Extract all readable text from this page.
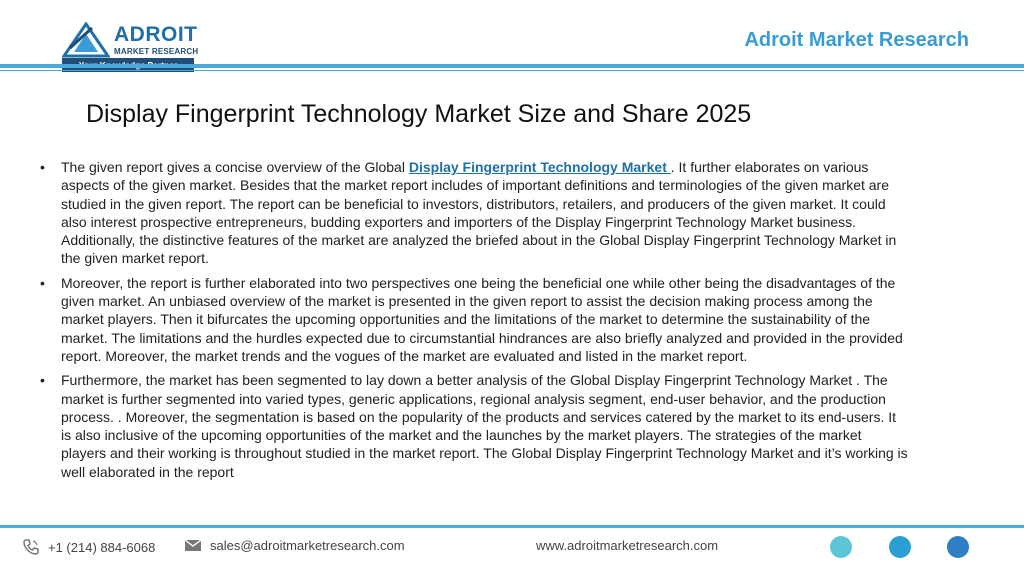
ADROIT
MARKET RESEARCH
Adroit Market Research
Display Fingerprint Technology Market Size and Share 2025

• The given report gives a concise overview of the Global Display Fingerprint Technology Market . It further elaborates on various aspects of the given market. Besides that the market report includes of important definitions and terminologies of the given market are studied in the given report. The report can be beneficial to investors, distributors, retailers, and producers of the given market. It could also interest prospective entrepreneurs, budding exporters and importers of the Display Fingerprint Technology Market business. Additionally, the distinctive features of the market are analyzed the briefed about in the Global Display Fingerprint Technology Market in the given market report.

• Moreover, the report is further elaborated into two perspectives one being the beneficial one while other being the disadvantages of the given market. An unbiased overview of the market is presented in the given report to assist the decision making process among the market players. Then it bifurcates the upcoming opportunities and the limitations of the market to determine the sustainability of the market. The limitations and the hurdles expected due to circumstantial hindrances are also briefly analyzed and provided in the provided report. Moreover, the market trends and the vogues of the market are evaluated and listed in the market report.

• Furthermore, the market has been segmented to lay down a better analysis of the Global Display Fingerprint Technology Market . The market is further segmented into varied types, generic applications, regional analysis segment, end-user behavior, and the production process. . Moreover, the segmentation is based on the popularity of the products and services catered by the market to its end-users. It is also inclusive of the upcoming opportunities of the market and the launches by the market players. The strategies of the market players and their working is throughout studied in the market report. The Global Display Fingerprint Technology Market and it’s working is well elaborated in the report

+1 (214) 884-6068	sales@adroitmarketresearch.com	www.adroitmarketresearch.com
